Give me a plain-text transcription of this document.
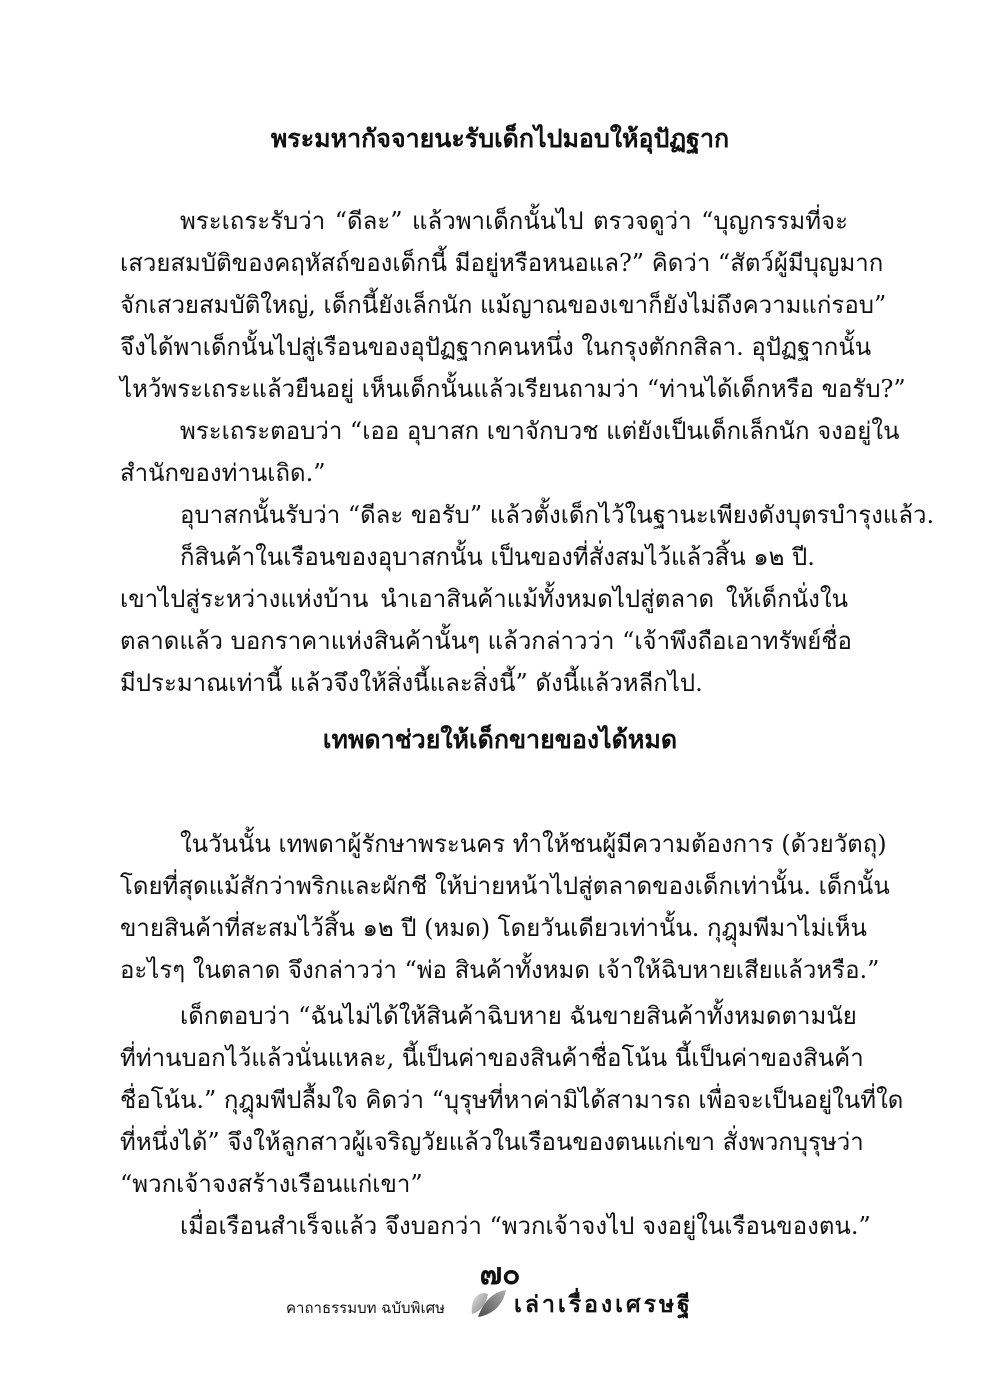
พระมหากัจจายนะรับเด็กไปมอบให้อุปัฏฐาก
พระเถระรับว่า “ดีละ” แล้วพาเด็กนั้นไป ตรวจดูว่า “บุญกรรมที่จะ
เสวยสมบัติของคฤหัสถ์ของเด็กนี้ มีอยู่หรือหนอแล?” คิดว่า “สัตว์ผู้มีบุญมาก
จักเสวยสมบัติใหญ่, เด็กนี้ยังเล็กนัก แม้ญาณของเขาก็ยังไม่ถึงความแก่รอบ”
จึงได้พาเด็กนั้นไปสู่เรือนของอุปัฏฐากคนหนึ่ง ในกรุงตักกสิลา. อุปัฏฐากนั้น
ไหว้พระเถระแล้วยืนอยู่ เห็นเด็กนั้นแล้วเรียนถามว่า “ท่านได้เด็กหรือ ขอรับ?”
พระเถระตอบว่า “เออ อุบาสก เขาจักบวช แต่ยังเป็นเด็กเล็กนัก จงอยู่ใน
สำนักของท่านเถิด.”
อุบาสกนั้นรับว่า “ดีละ ขอรับ” แล้วตั้งเด็กไว้ในฐานะเพียงดังบุตรบำรุงแล้ว.
ก็สินค้าในเรือนของอุบาสกนั้น เป็นของที่สั่งสมไว้แล้วสิ้น ๑๒ ปี.
เขาไปสู่ระหว่างแห่งบ้าน นำเอาสินค้าแม้ทั้งหมดไปสู่ตลาด ให้เด็กนั่งใน
ตลาดแล้ว บอกราคาแห่งสินค้านั้นๆ แล้วกล่าวว่า “เจ้าพึงถือเอาทรัพย์ชื่อ
มีประมาณเท่านี้ แล้วจึงให้สิ่งนี้และสิ่งนี้” ดังนี้แล้วหลีกไป.
เทพดาช่วยให้เด็กขายของได้หมด
ในวันนั้น เทพดาผู้รักษาพระนคร ทำให้ชนผู้มีความต้องการ (ด้วยวัตถุ)
โดยที่สุดแม้สักว่าพริกและผักชี ให้บ่ายหน้าไปสู่ตลาดของเด็กเท่านั้น. เด็กนั้น
ขายสินค้าที่สะสมไว้สิ้น ๑๒ ปี (หมด) โดยวันเดียวเท่านั้น. กุฎุมพีมาไม่เห็น
อะไรๆ ในตลาด จึงกล่าวว่า “พ่อ สินค้าทั้งหมด เจ้าให้ฉิบหายเสียแล้วหรือ.”
เด็กตอบว่า “ฉันไม่ได้ให้สินค้าฉิบหาย ฉันขายสินค้าทั้งหมดตามนัย
ที่ท่านบอกไว้แล้วนั่นแหละ, นี้เป็นค่าของสินค้าชื่อโน้น นี้เป็นค่าของสินค้า
ชื่อโน้น.” กุฎุมพีปลื้มใจ คิดว่า “บุรุษที่หาค่ามิได้สามารถ เพื่อจะเป็นอยู่ในที่ใด
ที่หนึ่งได้” จึงให้ลูกสาวผู้เจริญวัยแล้วในเรือนของตนแก่เขา สั่งพวกบุรุษว่า
“พวกเจ้าจงสร้างเรือนแก่เขา”
เมื่อเรือนสำเร็จแล้ว จึงบอกว่า “พวกเจ้าจงไป จงอยู่ในเรือนของตน.”
๗๐
คาถาธรรมบท ฉบับพิเศษ	เล่าเรื่องเศรษฐี
